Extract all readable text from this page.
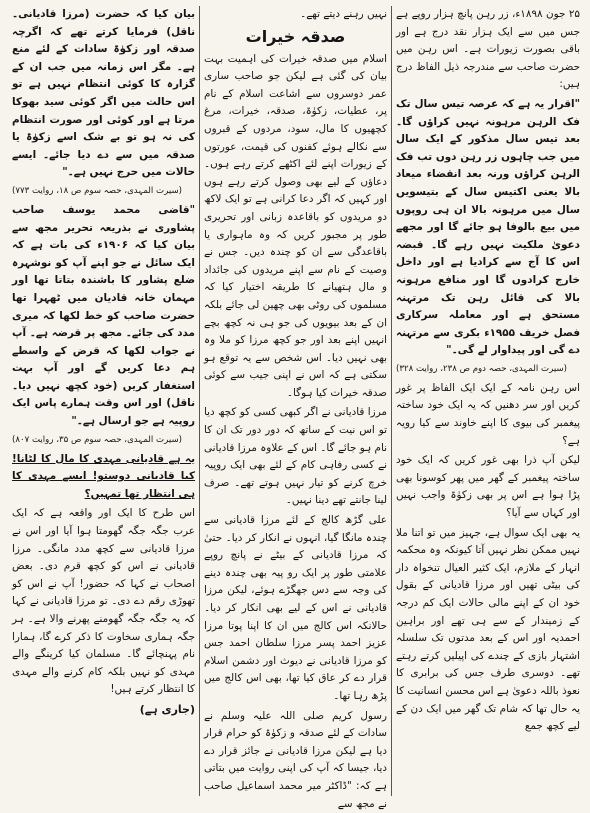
۲۵ جون ۱۸۹۸ء، زر رہن پانچ ہزار روپے ہے جس میں سے ایک ہزار نقد درج ہے اور باقی بصورت زیورات ہے۔ اس رہن میں حضرت صاحب سے مندرجہ ذیل الفاظ درج ہیں:

"اقرار یہ ہے کہ عرصہ تیس سال تک فک الرہن مرہونہ نہیں کراؤں گا۔ بعد تیس سال مذکور کے ایک سال میں جب چاہوں زر رہن دوں تب فک الرہن کراؤں ورنہ بعد انقضاء میعاد بالا یعنی اکتیس سال کے بتیسویں سال میں مرہونہ بالا ان ہی روپوں میں بیع بالوفا ہو جائے گا اور مجھے دعویٰ ملکیت نہیں رہے گا۔ قبضہ اس کا آج سے کرادیا ہے اور داخل خارج کرادوں گا اور منافع مرہونہ بالا کی قائل رہن تک مرتہنہ مستحق ہے اور معاملہ سرکاری فصل خریف ۱۹۵۵ء بکری سے مرتہنہ دے گی اور پیداوار لے گی۔"

(سیرت المہدی، حصہ دوم ص ۲۳۸، روایت ۳۲۸)

اس رہن نامہ کے ایک ایک الفاظ پر غور کریں اور سر دھنیں کہ یہ ایک خود ساختہ پیغمبر کی بیوی کا اپنے خاوند سے کیا رویہ ہے؟

لیکن آپ ذرا بھی غور کریں کہ ایک خود ساختہ پیغمبر کے گھر میں پھر کوسونا بھی پڑا ہوا ہے اس پر بھی زکوٰۃ واجب نہیں اور کہاں سے آیا؟

یہ بھی ایک سوال ہے، جہیز میں تو اتنا ملا نہیں ممکن نظر نہیں آتا کیونکہ وہ محکمہ انہار کے ملازم، ایک کثیر العیال تنخواہ دار کی بیٹی تھیں اور مرزا قادیانی کے بقول خود ان کے اپنے مالی حالات ایک کم درجہ کے زمیندار کے سے ہی تھے اور براہین احمدیہ اور اس کے بعد مدتوں تک سلسلہ اشتہار بازی کے چندے کی اپیلیں کرتے رہتے تھے۔ دوسری طرف جس کی برابری کا نعوذ باللہ دعویٰ ہے اس محسن انسانیت کا یہ حال تھا کہ شام تک گھر میں ایک دن کے لیے کچھ جمع

نہیں رہنے دیتے تھے۔

صدقہ خیرات

اسلام میں صدقہ خیرات کی اہمیت بہت بیان کی گئی ہے لیکن جو صاحب ساری عمر دوسروں سے اشاعت اسلام کے نام پر، عطیات، زکوٰۃ، صدقہ، خیرات، مرغ کچھیوں کا مال، سود، مردوں کے قبروں سے نکالے ہوئے کفنوں کی قیمت، عورتوں کے زیورات اپنے لئے اکٹھے کرتے رہے ہوں۔ دعاؤں کے لیے بھی وصول کرتے رہے ہوں اور کہیں کہ اگر دعا کرانی ہے تو ایک لاکھ دو مریدوں کو باقاعدہ زبانی اور تحریری طور پر مجبور کریں کہ وہ ماہواری یا باقاعدگی سے ان کو چندہ دیں۔ جس نے وصیت کے نام سے اپنے مریدوں کی جائداد و مال ہتھیانے کا طریقہ اختیار کیا کہ مسلموں کی روٹی بھی چھین لی جائے بلکہ ان کے بعد بیویوں کی جو ہی نہ کچھ بچے انہیں اپنے بعد اور جو کچھ مرزا کو ملا وہ بھی نہیں دیا۔ اس شخص سے یہ توقع ہو سکتی ہے کہ اس نے اپنی جیب سے کوئی صدقہ خیرات کیا ہوگا۔

مرزا قادیانی نے اگر کبھی کسی کو کچھ دیا تو اس نیت کے ساتھ کہ دور دور تک ان کا نام ہو جائے گا۔ اس کے علاوہ مرزا قادیانی نے کسی رفاہی کام کے لئے بھی ایک روپیہ خرچ کرنے کو تیار نہیں ہوتے تھے۔ صرف لینا جانتے تھے دینا نہیں۔

علی گڑھ کالج کے لئے مرزا قادیانی سے چندہ مانگا گیا، انہوں نے انکار کر دیا۔ حتیٰ کہ مرزا قادیانی کے بیٹے نے پانچ روپے علامتی طور پر ایک رو پیہ بھی چندہ دینے کی وجہ سے دس جھگڑے ہوئے، لیکن مرزا قادیانی نے اس کے لیے بھی انکار کر دیا۔ حالانکہ اس کالج میں ان کا اپنا پوتا مرزا عزیز احمد پسر مرزا سلطان احمد جس کو مرزا قادیانی نے دیوث اور دشمن اسلام قرار دے کر عاق کیا تھا، بھی اس کالج میں پڑھ رہا تھا۔

رسول کریم صلی اللہ علیہ وسلم نے سادات کے لئے صدقہ و زکوٰۃ کو حرام قرار دیا ہے لیکن مرزا قادیانی نے جائز قرار دے دیا، جیسا کہ آپ کی اپنی روایت میں بتاتی ہے کہ: "ڈاکٹر میر محمد اسماعیل صاحب نے مجھ سے

بیان کیا کہ حضرت (مرزا قادیانی۔ ناقل) فرمایا کرتے تھے کہ اگرچہ صدقہ اور زکوٰۃ سادات کے لئے منع ہے۔ مگر اس زمانہ میں جب ان کے گزارہ کا کوئی انتظام نہیں ہے تو اس حالت میں اگر کوئی سید بھوکا مرتا ہے اور کوئی اور صورت انتظام کی نہ ہو تو بے شک اسے زکوٰۃ یا صدقہ میں سے دے دیا جائے۔ ایسے حالات میں حرج نہیں ہے۔"

(سیرت المہدی، حصہ سوم ص ۱۸، روایت ۷۷۳)

"قاضی محمد یوسف صاحب پشاوری نے بذریعہ تحریر مجھ سے بیان کیا کہ ۱۹۰۶ء کی بات ہے کہ ایک سائل نے جو اپنے آپ کو نوشہرہ ضلع پشاور کا باشندہ بتاتا تھا اور مہمان خانہ قادیان میں ٹھہرا تھا حضرت صاحب کو خط لکھا کہ میری مدد کی جائے۔ مجھ پر قرضہ ہے۔ آپ نے جواب لکھا کہ قرض کے واسطے ہم دعا کریں گے اور آپ بہت استغفار کریں (خود کچھ نہیں دیا۔ ناقل) اور اس وقت ہمارے پاس ایک روپیہ ہے جو ارسال ہے۔"

(سیرت المہدی، حصہ سوم ص ۳۵، روایت ۸۰۷)

یہ ہے قادیانی مہدی کا مال کا لٹانا! کیا قادیانی دوستو! ایسے مہدی کا ہی انتظار تھا تمہیں؟

اس طرح کا ایک اور واقعہ ہے کہ ایک عرب جگہ جگہ گھومتا ہوا آیا اور اس نے مرزا قادیانی سے کچھ مدد مانگی۔ مرزا قادیانی نے اس کو کچھ قرم دی۔ بعض اصحاب نے کہا کہ حضور! آپ نے اس کو تھوڑی رقم دے دی۔ تو مرزا قادیانی نے کہا کہ یہ جگہ جگہ گھومنے پھرنے والا ہے۔ ہر جگہ ہماری سخاوت کا ذکر کرے گا، ہمارا نام پہنچائے گا۔ مسلمان کیا کرینگے والے مہدی کو نہیں بلکہ کام کرنے والے مہدی کا انتظار کرتے ہیں!

(جاری ہے)
